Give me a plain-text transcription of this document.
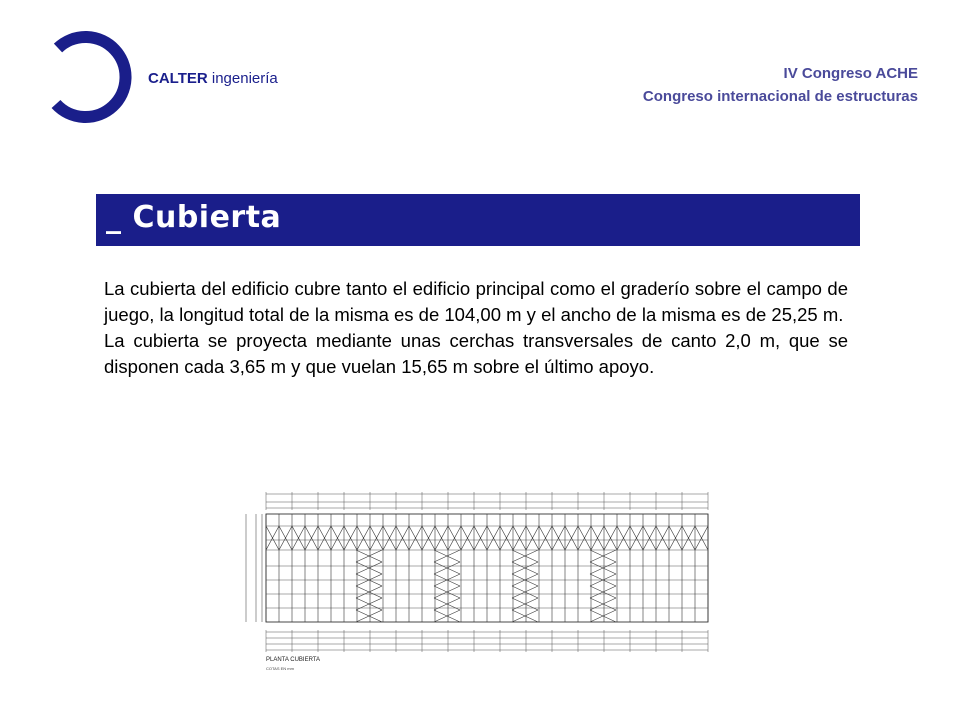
CALTER ingeniería	IV Congreso ACHE
Congreso internacional de estructuras
_ Cubierta

La cubierta del edificio cubre tanto el edificio principal como el graderío sobre el campo de juego, la longitud total de la misma es de 104,00 m y el ancho de la misma es de 25,25 m.

La cubierta se proyecta mediante unas cerchas transversales de canto 2,0 m, que se disponen cada 3,65 m y que vuelan 15,65 m sobre el último apoyo.

PLANTA CUBIERTA
COTAS EN mm
